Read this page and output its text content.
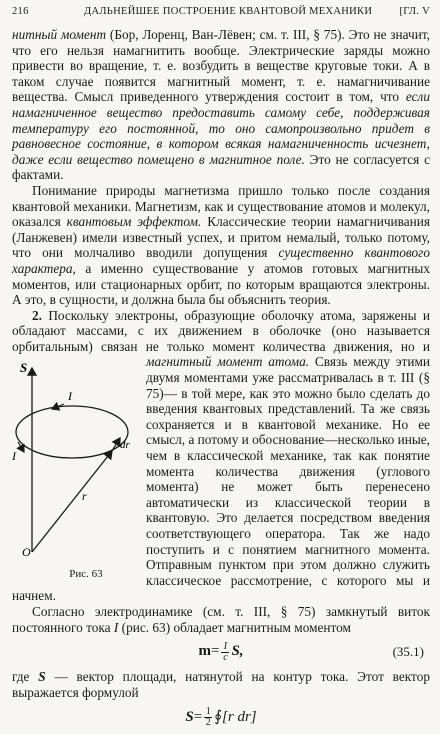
216	ДАЛЬНЕЙШЕЕ ПОСТРОЕНИЕ КВАНТОВОЙ МЕХАНИКИ	[ГЛ. V

нитный момент (Бор, Лоренц, Ван-Лёвен; см. т. III, § 75). Это не значит, что его нельзя намагнитить вообще. Электрические заряды можно привести во вращение, т. е. возбудить в веществе круговые токи. А в таком случае появится магнитный момент, т. е. намагничивание вещества. Смысл приведенного утверждения состоит в том, что если намагниченное вещество предоставить самому себе, поддерживая температуру его постоянной, то оно самопроизвольно придет в равновесное состояние, в котором всякая намагниченность исчезнет, даже если вещество помещено в магнитное поле. Это не согласуется с фактами.

Понимание природы магнетизма пришло только после создания квантовой механики. Магнетизм, как и существование атомов и молекул, оказался квантовым эффектом. Классические теории намагничивания (Ланжевен) имели известный успех, и притом немалый, только потому, что они молчаливо вводили допущения существенно квантового характера, а именно существование у атомов готовых магнитных моментов, или стационарных орбит, по которым вращаются электроны. А это, в сущности, и должна была бы объяснить теория.

2. Поскольку электроны, образующие оболочку атома, заряжены и обладают массами, с их движением в оболочке (оно называется орбитальным) связан не только момент количества движения, но и магнитный момент атома.
S
I
I
dr
r
O
Рис. 63
Связь между этими двумя моментами уже рассматривалась в т. III (§ 75)— в той мере, как это можно было сделать до введения квантовых представлений. Та же связь сохраняется и в квантовой механике. Но ее смысл, а потому и обоснование—несколько иные, чем в классической механике, так как понятие момента количества движения (углового момента) не может быть перенесено автоматически из классической теории в квантовую. Это делается посредством введения соответствующего оператора. Так же надо поступить и с понятием магнитного момента. Отправным пунктом при этом должно служить классическое рассмотрение, с которого мы и начнем.

Согласно электродинамике (см. т. III, § 75) замкнутый виток постоянного тока I (рис. 63) обладает магнитным моментом

$m = \frac{I}{c} S$,	(35.1)

где S — вектор площади, натянутой на контур тока. Этот вектор выражается формулой

$S = \frac{1}{2}$ ∮ [r dr]
